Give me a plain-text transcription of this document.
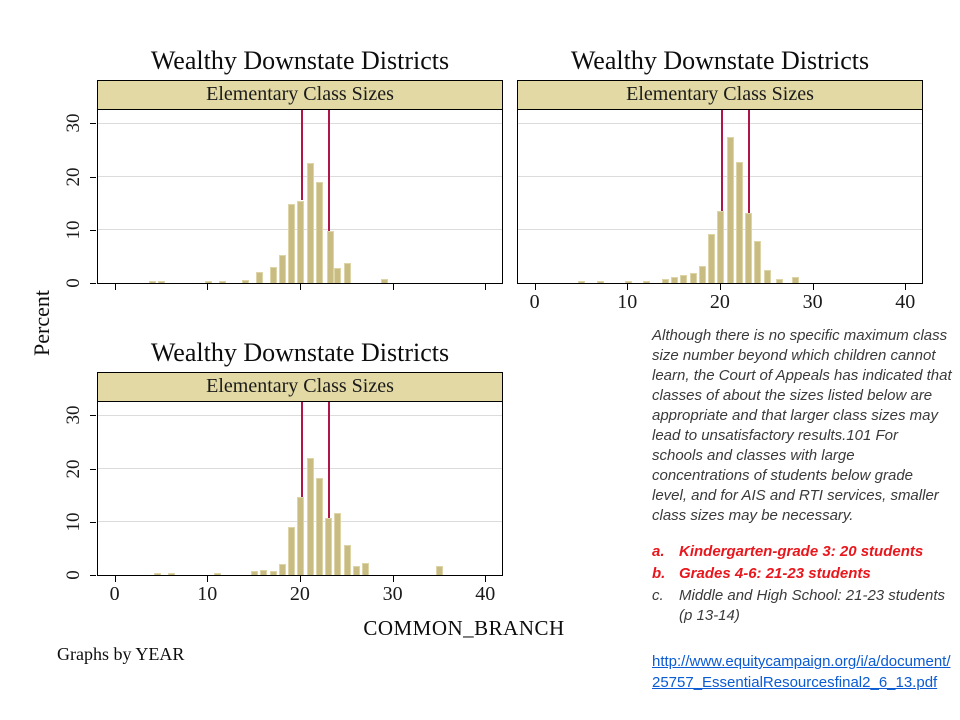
Wealthy Downstate Districts
Elementary Class Sizes
0
10
20
30
Wealthy Downstate Districts
Elementary Class Sizes
0	10	20	30	40
Wealthy Downstate Districts
Elementary Class Sizes
0	10	20	30	40
0
10
20
30
Percent
COMMON_BRANCH
Graphs by YEAR

Although there is no specific maximum class size number beyond which children cannot learn, the Court of Appeals has indicated that classes of about the sizes listed below are appropriate and that larger class sizes may lead to unsatisfactory results.101 For schools and classes with large concentrations of students below grade level, and for AIS and RTI services, smaller class sizes may be necessary.

a. Kindergarten-grade 3: 20 students
b. Grades 4-6: 21-23 students
c. Middle and High School: 21-23 students (p 13-14)
http://www.equitycampaign.org/i/a/document/25757_EssentialResourcesfinal2_6_13.pdf
